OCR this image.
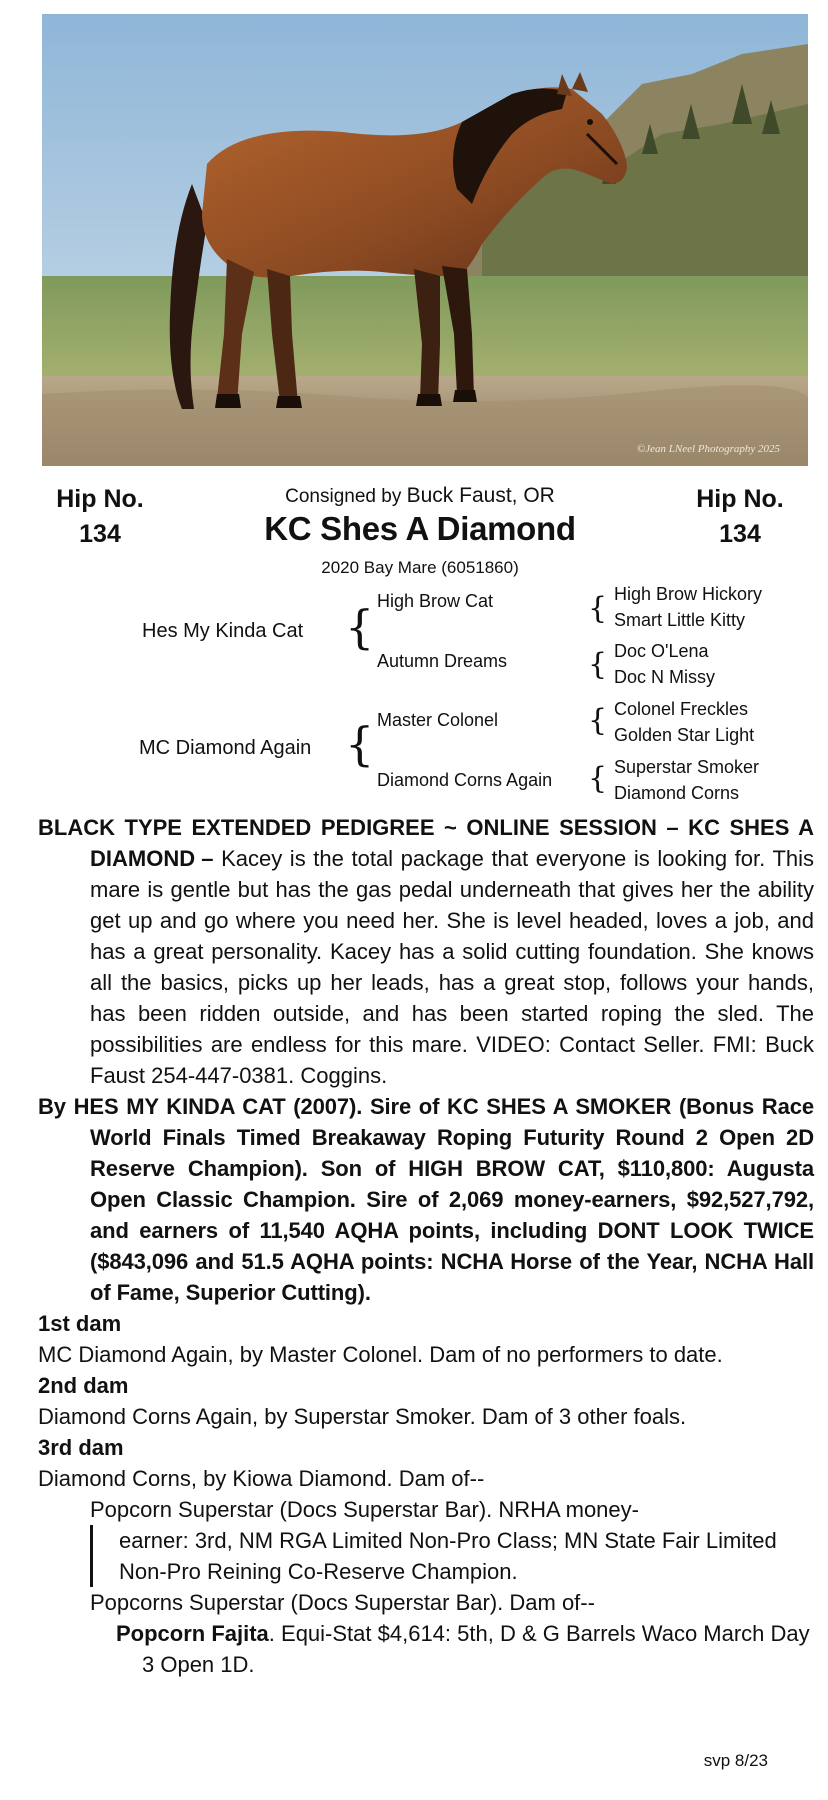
©Jean LNeel Photography 2025
Hip No.
134
Hip No.
134
Consigned by Buck Faust, OR
KC Shes A Diamond
2020 Bay Mare (6051860)
Hes My Kinda Cat { High Brow Cat
Autumn Dreams
{ High Brow Hickory
Smart Little Kitty
{ Doc O'Lena
Doc N Missy
MC Diamond Again { Master Colonel
Diamond Corns Again
{ Colonel Freckles
Golden Star Light
{ Superstar Smoker
Diamond Corns

BLACK TYPE EXTENDED PEDIGREE ~ ONLINE SESSION – KC SHES A DIAMOND – Kacey is the total package that everyone is looking for. This mare is gentle but has the gas pedal underneath that gives her the ability get up and go where you need her. She is level headed, loves a job, and has a great personality. Kacey has a solid cutting foundation. She knows all the basics, picks up her leads, has a great stop, follows your hands, has been ridden outside, and has been started roping the sled. The possibilities are endless for this mare. VIDEO: Contact Seller. FMI: Buck Faust 254-447-0381. Coggins.

By HES MY KINDA CAT (2007). Sire of KC SHES A SMOKER (Bonus Race World Finals Timed Breakaway Roping Futurity Round 2 Open 2D Reserve Champion). Son of HIGH BROW CAT, $110,800: Augusta Open Classic Champion. Sire of 2,069 money-earners, $92,527,792, and earners of 11,540 AQHA points, including DONT LOOK TWICE ($843,096 and 51.5 AQHA points: NCHA Horse of the Year, NCHA Hall of Fame, Superior Cutting).

1st dam

MC Diamond Again, by Master Colonel. Dam of no performers to date.

2nd dam

Diamond Corns Again, by Superstar Smoker. Dam of 3 other foals.

3rd dam

Diamond Corns, by Kiowa Diamond. Dam of--

Popcorn Superstar (Docs Superstar Bar). NRHA money-
earner: 3rd, NM RGA Limited Non-Pro Class; MN State Fair Limited Non-Pro Reining Co-Reserve Champion.
Popcorns Superstar (Docs Superstar Bar). Dam of--

Popcorn Fajita. Equi-Stat $4,614: 5th, D & G Barrels Waco March Day 3 Open 1D.

svp 8/23
